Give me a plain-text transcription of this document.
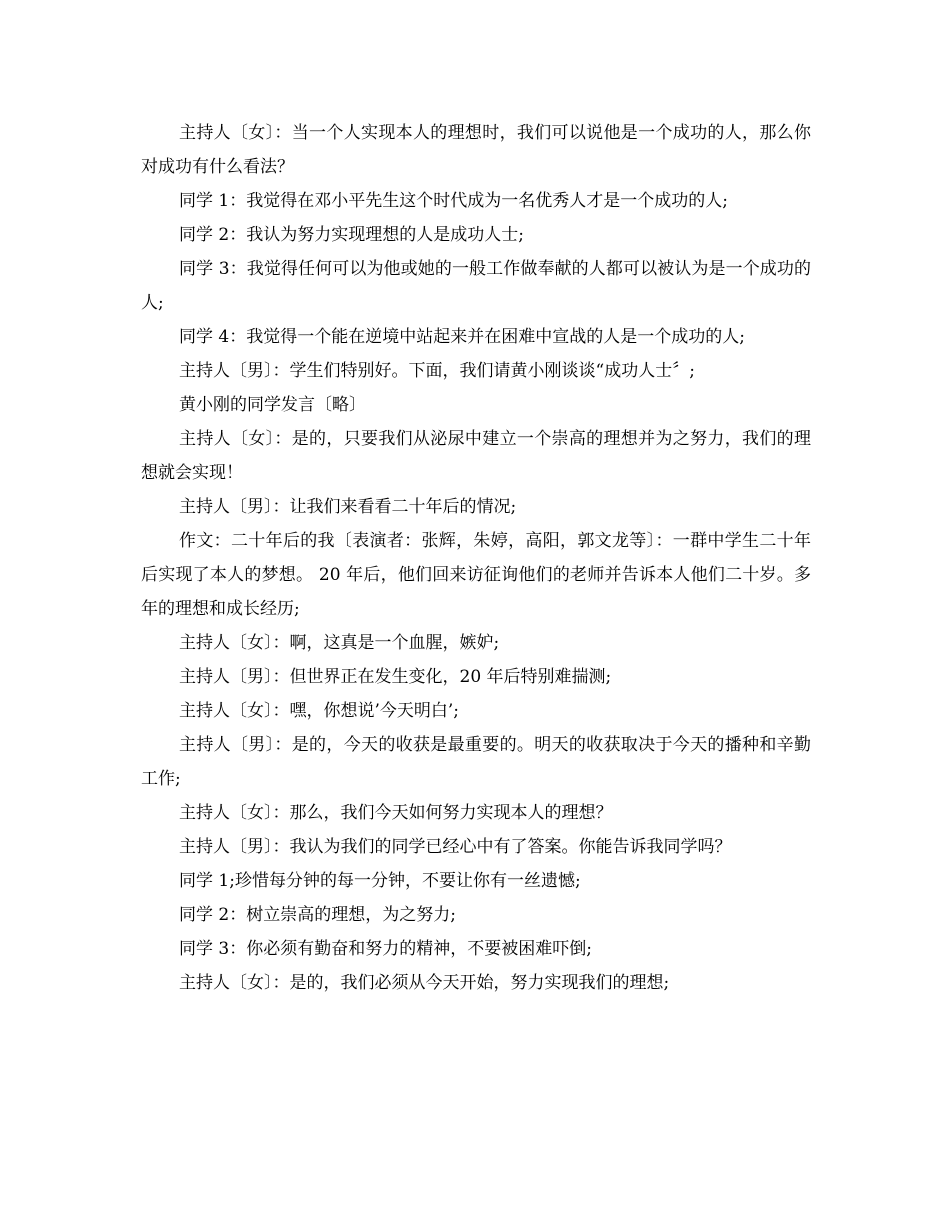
主持人〔女〕：当一个人实现本人的理想时，我们可以说他是一个成功的人，那么你对成功有什么看法？

同学 1：我觉得在邓小平先生这个时代成为一名优秀人才是一个成功的人;

同学 2：我认为努力实现理想的人是成功人士;

同学 3：我觉得任何可以为他或她的一般工作做奉献的人都可以被认为是一个成功的人;

同学 4：我觉得一个能在逆境中站起来并在困难中宣战的人是一个成功的人;

主持人〔男〕：学生们特别好。下面，我们请黄小刚谈谈“成功人士〞;

黄小刚的同学发言〔略〕

主持人〔女〕：是的，只要我们从泌尿中建立一个崇高的理想并为之努力，我们的理想就会实现！

主持人〔男〕：让我们来看看二十年后的情况;

作文：二十年后的我〔表演者：张辉，朱婷，高阳，郭文龙等〕：一群中学生二十年后实现了本人的梦想。 20 年后，他们回来访征询他们的老师并告诉本人他们二十岁。多年的理想和成长经历;

主持人〔女〕：啊，这真是一个血腥，嫉妒;

主持人〔男〕：但世界正在发生变化，20 年后特别难揣测;

主持人〔女〕：嘿，你想说’今天明白’;

主持人〔男〕：是的，今天的收获是最重要的。明天的收获取决于今天的播种和辛勤工作;

主持人〔女〕：那么，我们今天如何努力实现本人的理想？

主持人〔男〕：我认为我们的同学已经心中有了答案。你能告诉我同学吗？

同学 1;珍惜每分钟的每一分钟，不要让你有一丝遗憾;

同学 2：树立崇高的理想，为之努力;

同学 3：你必须有勤奋和努力的精神，不要被困难吓倒;

主持人〔女〕：是的，我们必须从今天开始，努力实现我们的理想;
